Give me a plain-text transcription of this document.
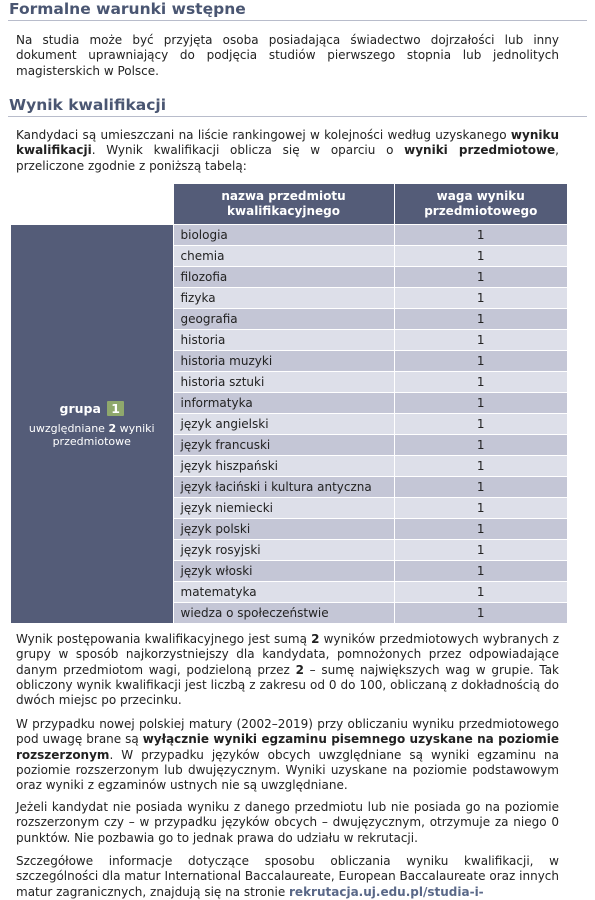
Formalne warunki wstępne

Na studia może być przyjęta osoba posiadająca świadectwo dojrzałości lub inny dokument uprawniający do podjęcia studiów pierwszego stopnia lub jednolitych magisterskich w Polsce.

Wynik kwalifikacji

Kandydaci są umieszczani na liście rankingowej w kolejności według uzyskanego wyniku kwalifikacji. Wynik kwalifikacji oblicza się w oparciu o wyniki przedmiotowe, przeliczone zgodnie z poniższą tabelą:

	nazwa przedmiotu kwalifikacyjnego	waga wyniku przedmiotowego

grupa 1
uwzględniane 2 wyniki przedmiotowe	biologia	1
	chemia	1
	filozofia	1
	fizyka	1
	geografia	1
	historia	1
	historia muzyki	1
	historia sztuki	1
	informatyka	1
	język angielski	1
	język francuski	1
	język hiszpański	1
	język łaciński i kultura antyczna	1
	język niemiecki	1
	język polski	1
	język rosyjski	1
	język włoski	1
	matematyka	1
	wiedza o społeczeństwie	1

Wynik postępowania kwalifikacyjnego jest sumą 2 wyników przedmiotowych wybranych z grupy w sposób najkorzystniejszy dla kandydata, pomnożonych przez odpowiadające danym przedmiotom wagi, podzieloną przez 2 – sumę największych wag w grupie. Tak obliczony wynik kwalifikacji jest liczbą z zakresu od 0 do 100, obliczaną z dokładnością do dwóch miejsc po przecinku.

W przypadku nowej polskiej matury (2002–2019) przy obliczaniu wyniku przedmiotowego pod uwagę brane są wyłącznie wyniki egzaminu pisemnego uzyskane na poziomie rozszerzonym. W przypadku języków obcych uwzględniane są wyniki egzaminu na poziomie rozszerzonym lub dwujęzycznym. Wyniki uzyskane na poziomie podstawowym oraz wyniki z egzaminów ustnych nie są uwzględniane.

Jeżeli kandydat nie posiada wyniku z danego przedmiotu lub nie posiada go na poziomie rozszerzonym czy – w przypadku języków obcych – dwujęzycznym, otrzymuje za niego 0 punktów. Nie pozbawia go to jednak prawa do udziału w rekrutacji.

Szczegółowe informacje dotyczące sposobu obliczania wyniku kwalifikacji, w szczególności dla matur International Baccalaureate, European Baccalaureate oraz innych matur zagranicznych, znajdują się na stronie rekrutacja.uj.edu.pl/studia-i-
